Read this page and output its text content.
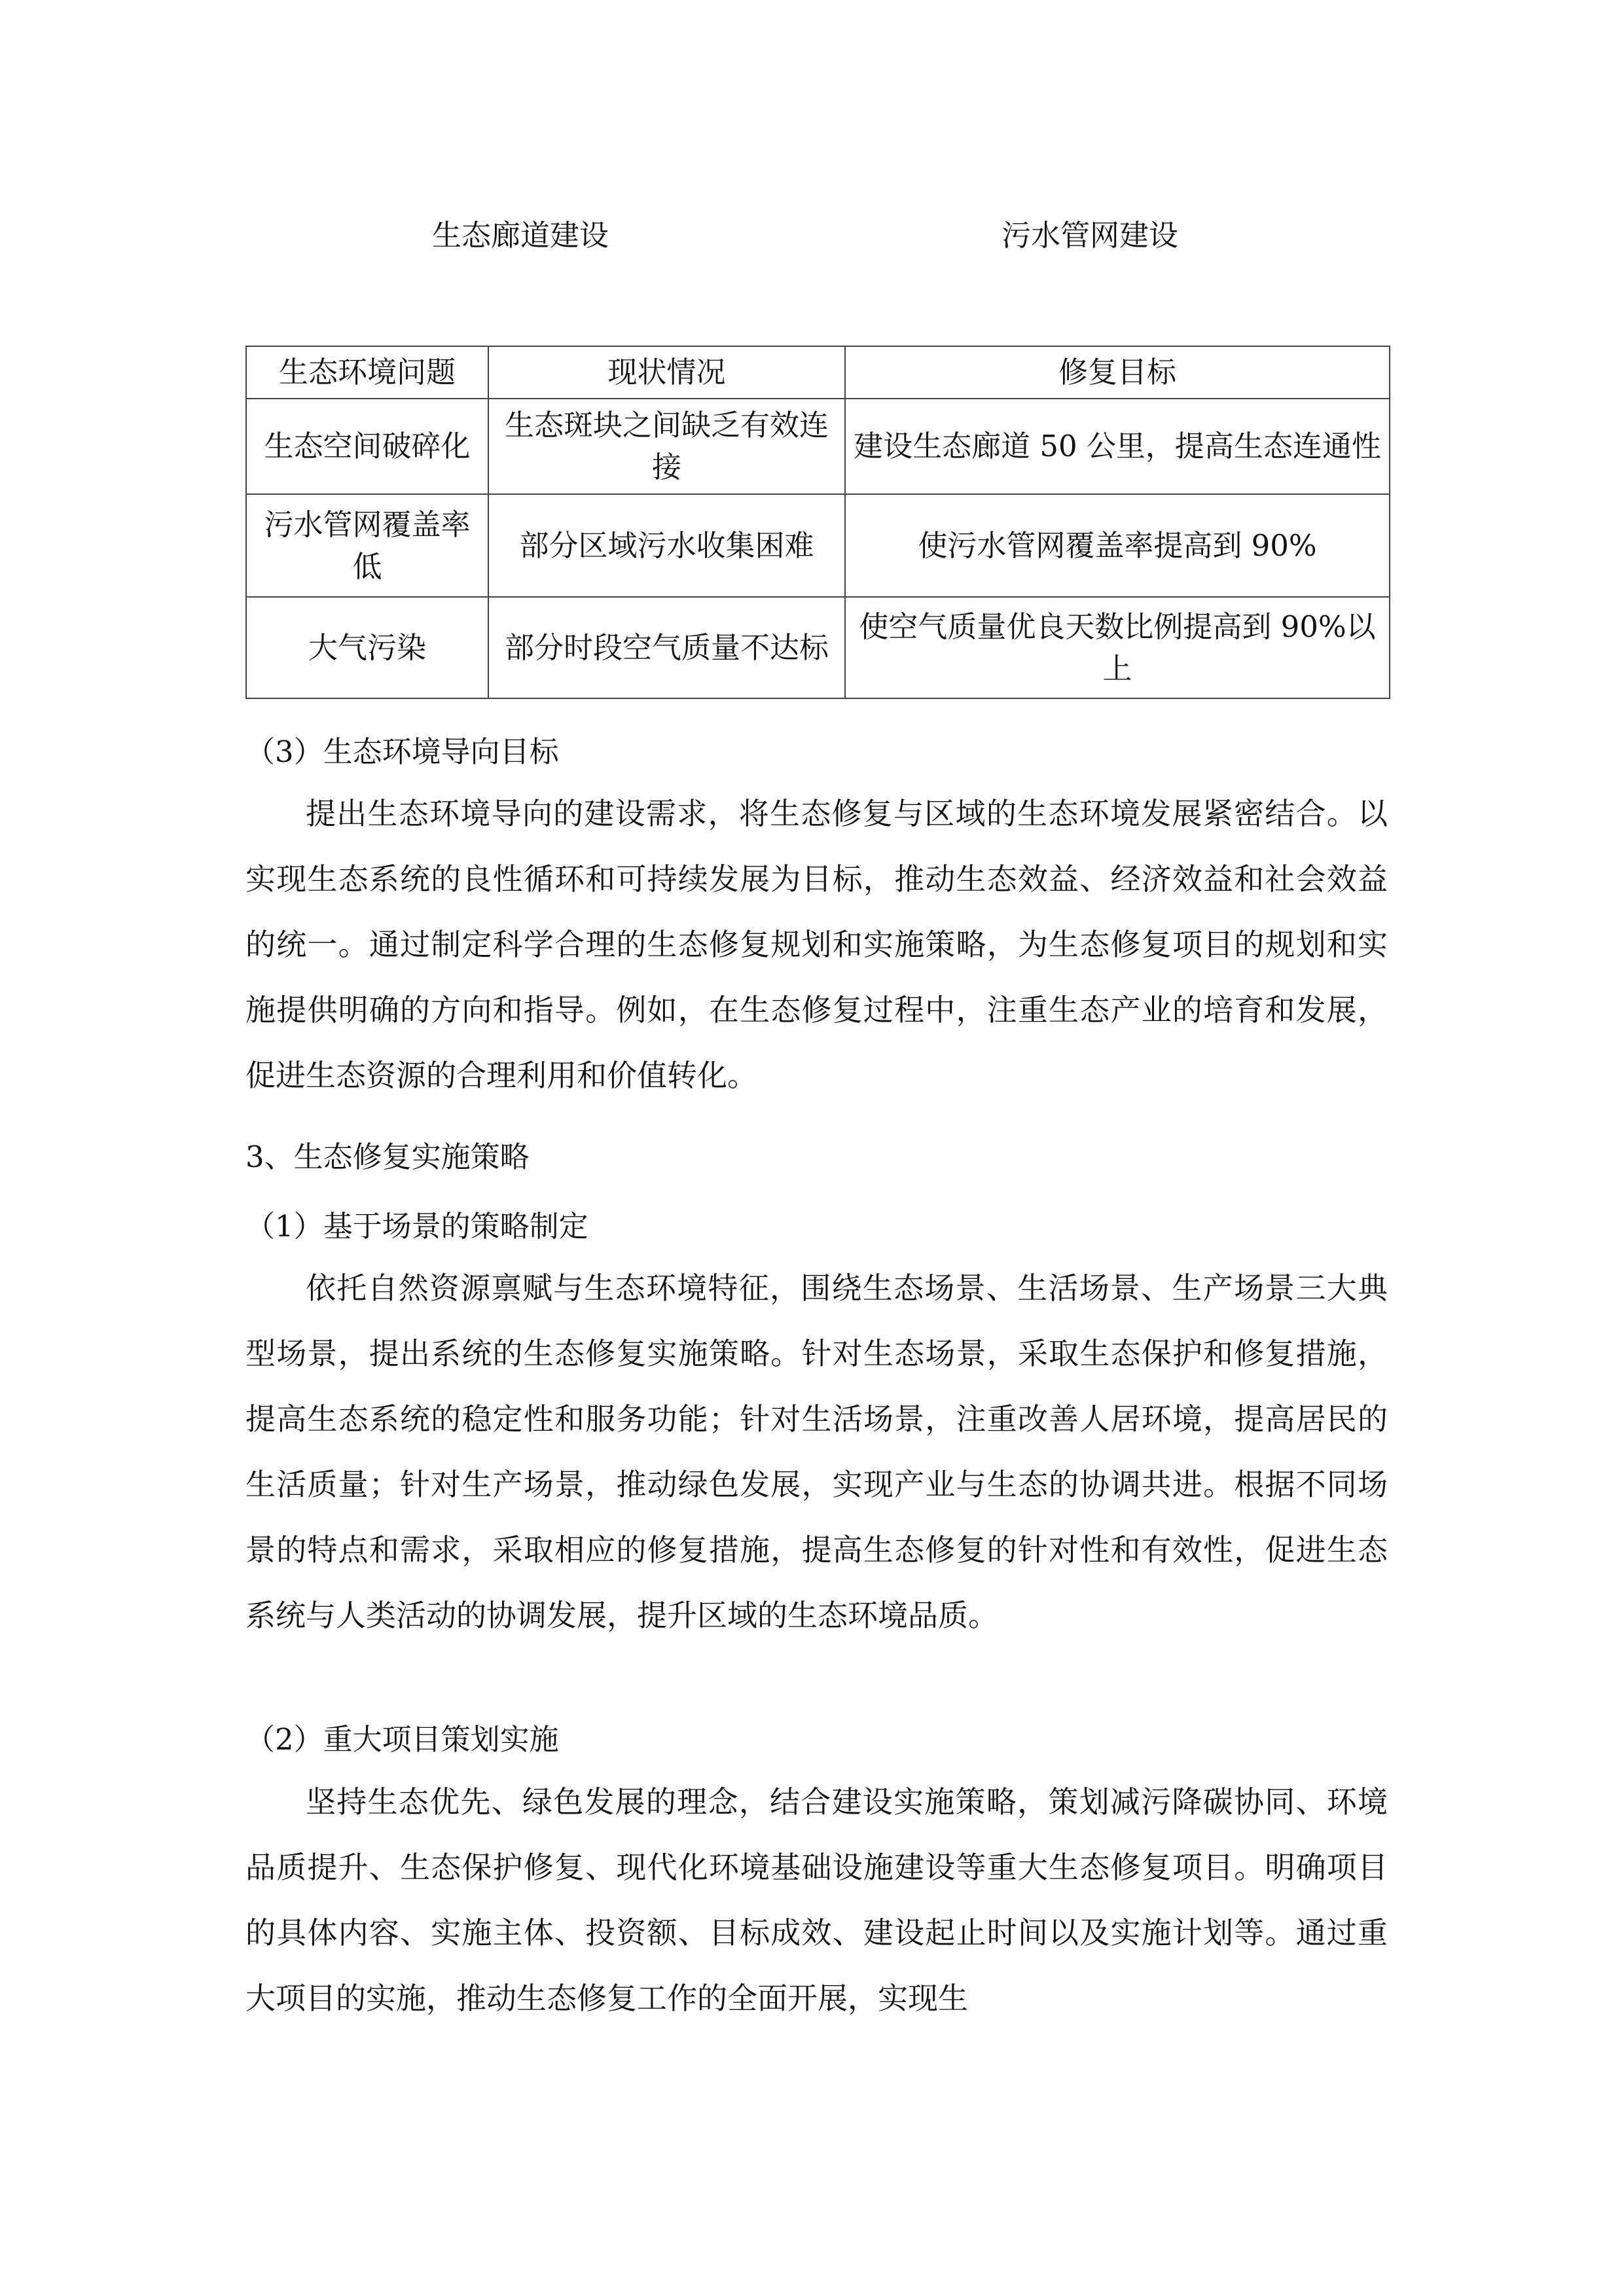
生态廊道建设	污水管网建设
生态环境问题	现状情况	修复目标
生态空间破碎化	生态斑块之间缺乏有效连接	建设生态廊道 50 公里，提高生态连通性
污水管网覆盖率低	部分区域污水收集困难	使污水管网覆盖率提高到 90%
大气污染	部分时段空气质量不达标	使空气质量优良天数比例提高到 90%以上
（3）生态环境导向目标
提出生态环境导向的建设需求，将生态修复与区域的生态环境发展紧密结合。以实现生态系统的良性循环和可持续发展为目标，推动生态效益、经济效益和社会效益的统一。通过制定科学合理的生态修复规划和实施策略，为生态修复项目的规划和实施提供明确的方向和指导。例如，在生态修复过程中，注重生态产业的培育和发展，促进生态资源的合理利用和价值转化。
3、生态修复实施策略
（1）基于场景的策略制定
依托自然资源禀赋与生态环境特征，围绕生态场景、生活场景、生产场景三大典型场景，提出系统的生态修复实施策略。针对生态场景，采取生态保护和修复措施，提高生态系统的稳定性和服务功能；针对生活场景，注重改善人居环境，提高居民的生活质量；针对生产场景，推动绿色发展，实现产业与生态的协调共进。根据不同场景的特点和需求，采取相应的修复措施，提高生态修复的针对性和有效性，促进生态系统与人类活动的协调发展，提升区域的生态环境品质。
（2）重大项目策划实施
坚持生态优先、绿色发展的理念，结合建设实施策略，策划减污降碳协同、环境品质提升、生态保护修复、现代化环境基础设施建设等重大生态修复项目。明确项目的具体内容、实施主体、投资额、目标成效、建设起止时间以及实施计划等。通过重大项目的实施，推动生态修复工作的全面开展，实现生
